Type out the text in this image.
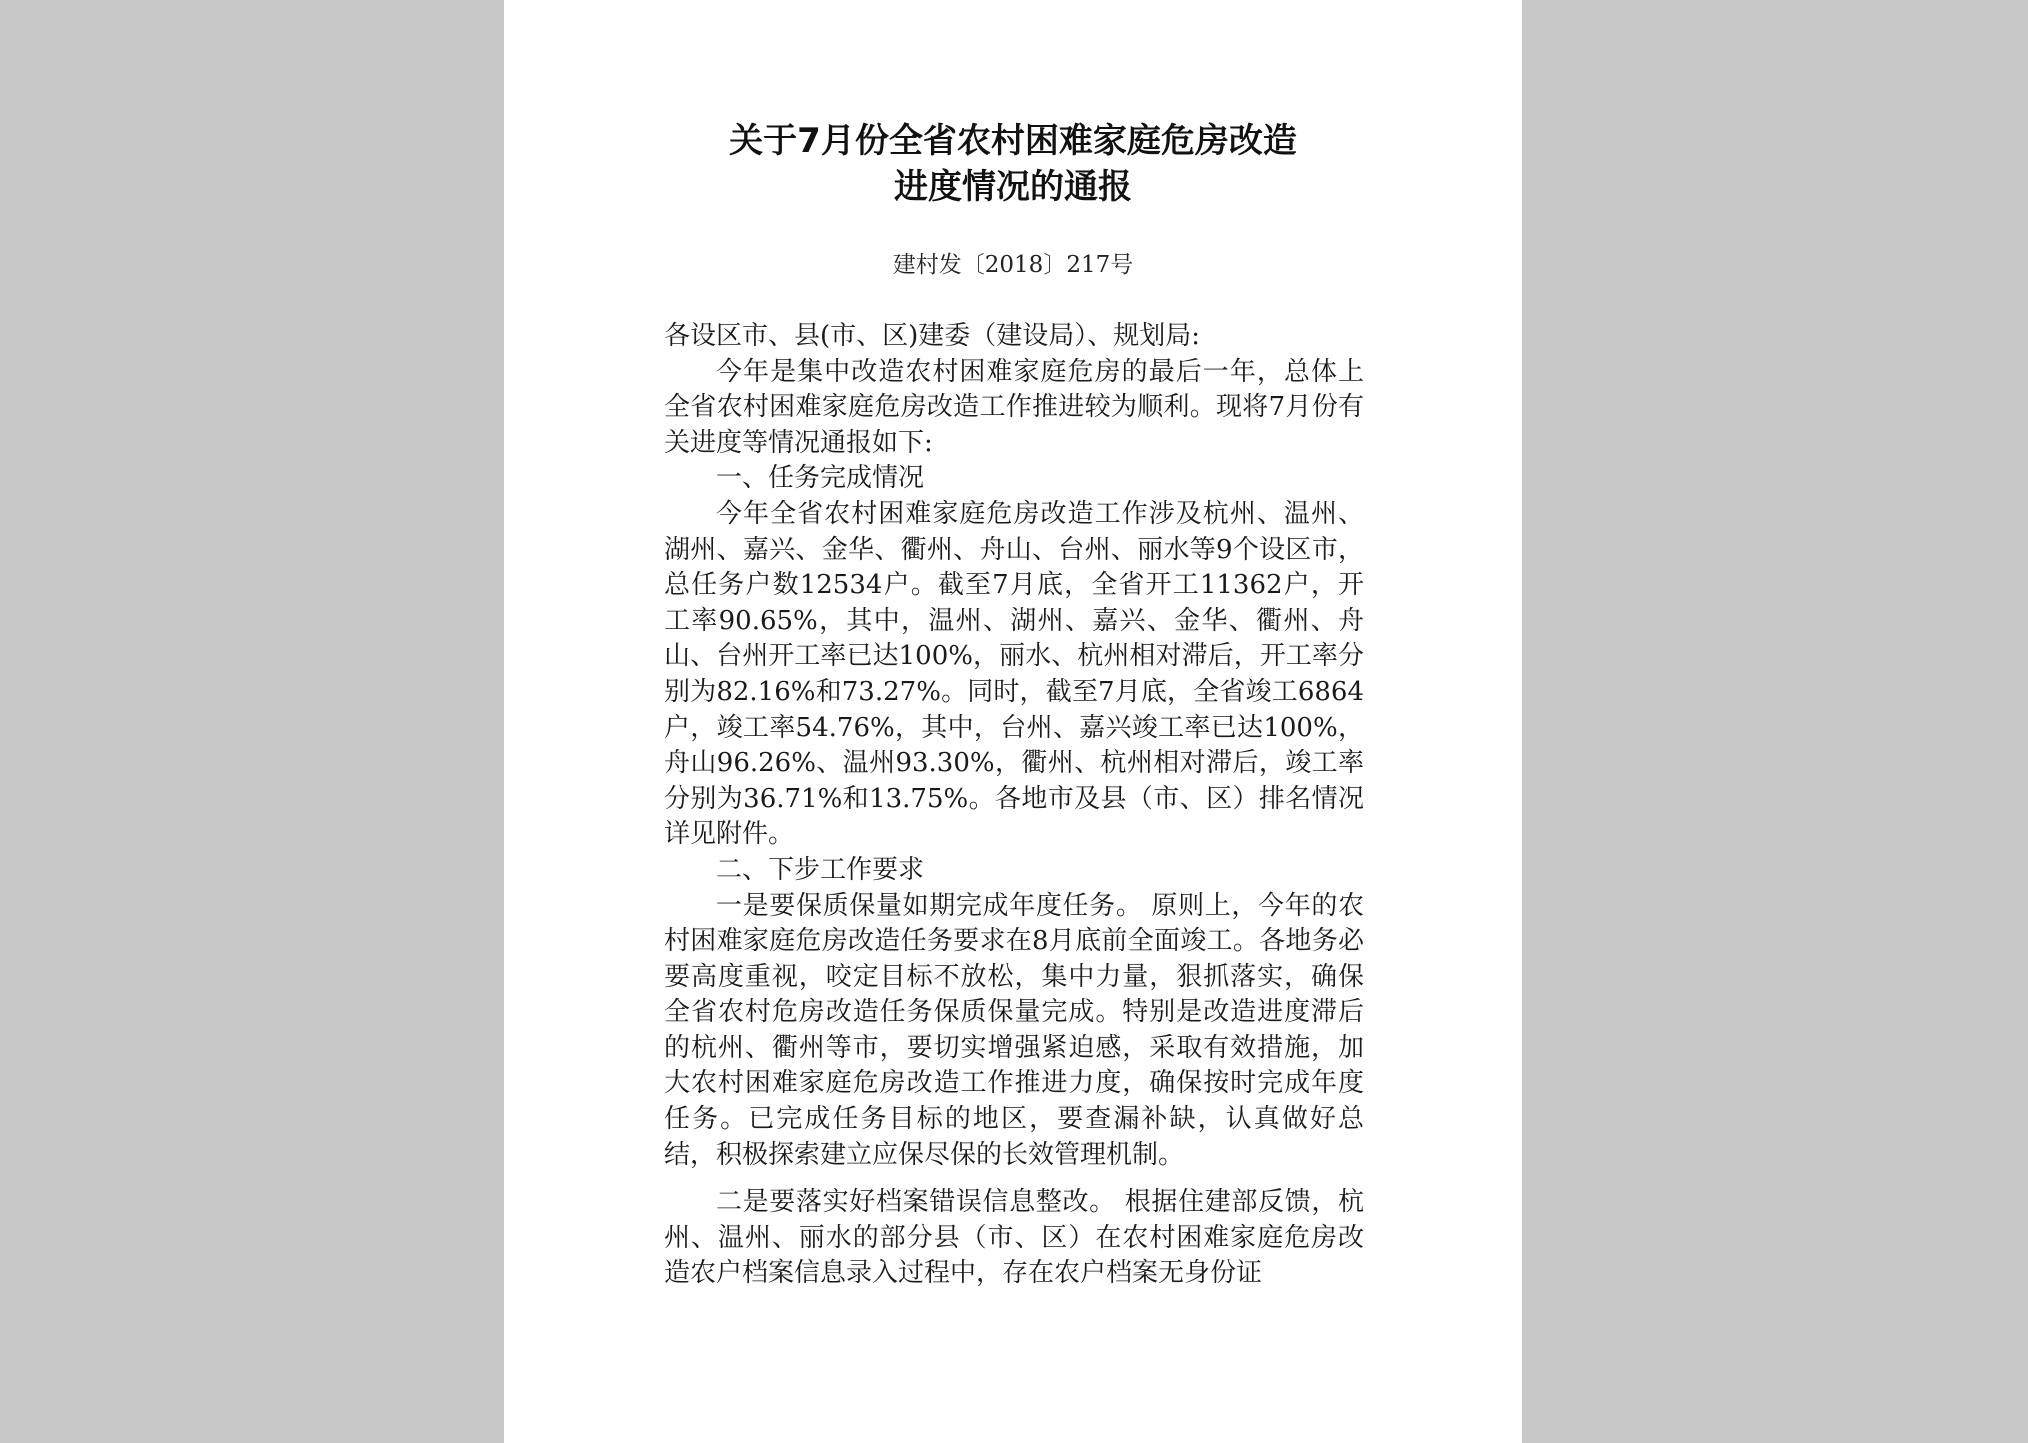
关于7月份全省农村困难家庭危房改造
进度情况的通报
建村发〔2018〕217号

各设区市、县(市、区)建委（建设局）、规划局:

今年是集中改造农村困难家庭危房的最后一年，总体上全省农村困难家庭危房改造工作推进较为顺利。现将7月份有关进度等情况通报如下:

一、任务完成情况

今年全省农村困难家庭危房改造工作涉及杭州、温州、湖州、嘉兴、金华、衢州、舟山、台州、丽水等9个设区市，总任务户数12534户。截至7月底，全省开工11362户，开工率90.65%，其中，温州、湖州、嘉兴、金华、衢州、舟山、台州开工率已达100%，丽水、杭州相对滞后，开工率分别为82.16%和73.27%。同时，截至7月底，全省竣工6864户，竣工率54.76%，其中，台州、嘉兴竣工率已达100%，舟山96.26%、温州93.30%，衢州、杭州相对滞后，竣工率分别为36.71%和13.75%。各地市及县（市、区）排名情况详见附件。

二、下步工作要求

一是要保质保量如期完成年度任务。 原则上，今年的农村困难家庭危房改造任务要求在8月底前全面竣工。各地务必要高度重视，咬定目标不放松，集中力量，狠抓落实，确保全省农村危房改造任务保质保量完成。特别是改造进度滞后的杭州、衢州等市，要切实增强紧迫感，采取有效措施，加大农村困难家庭危房改造工作推进力度，确保按时完成年度任务。已完成任务目标的地区，要查漏补缺，认真做好总结，积极探索建立应保尽保的长效管理机制。

二是要落实好档案错误信息整改。 根据住建部反馈，杭州、温州、丽水的部分县（市、区）在农村困难家庭危房改造农户档案信息录入过程中，存在农户档案无身份证
